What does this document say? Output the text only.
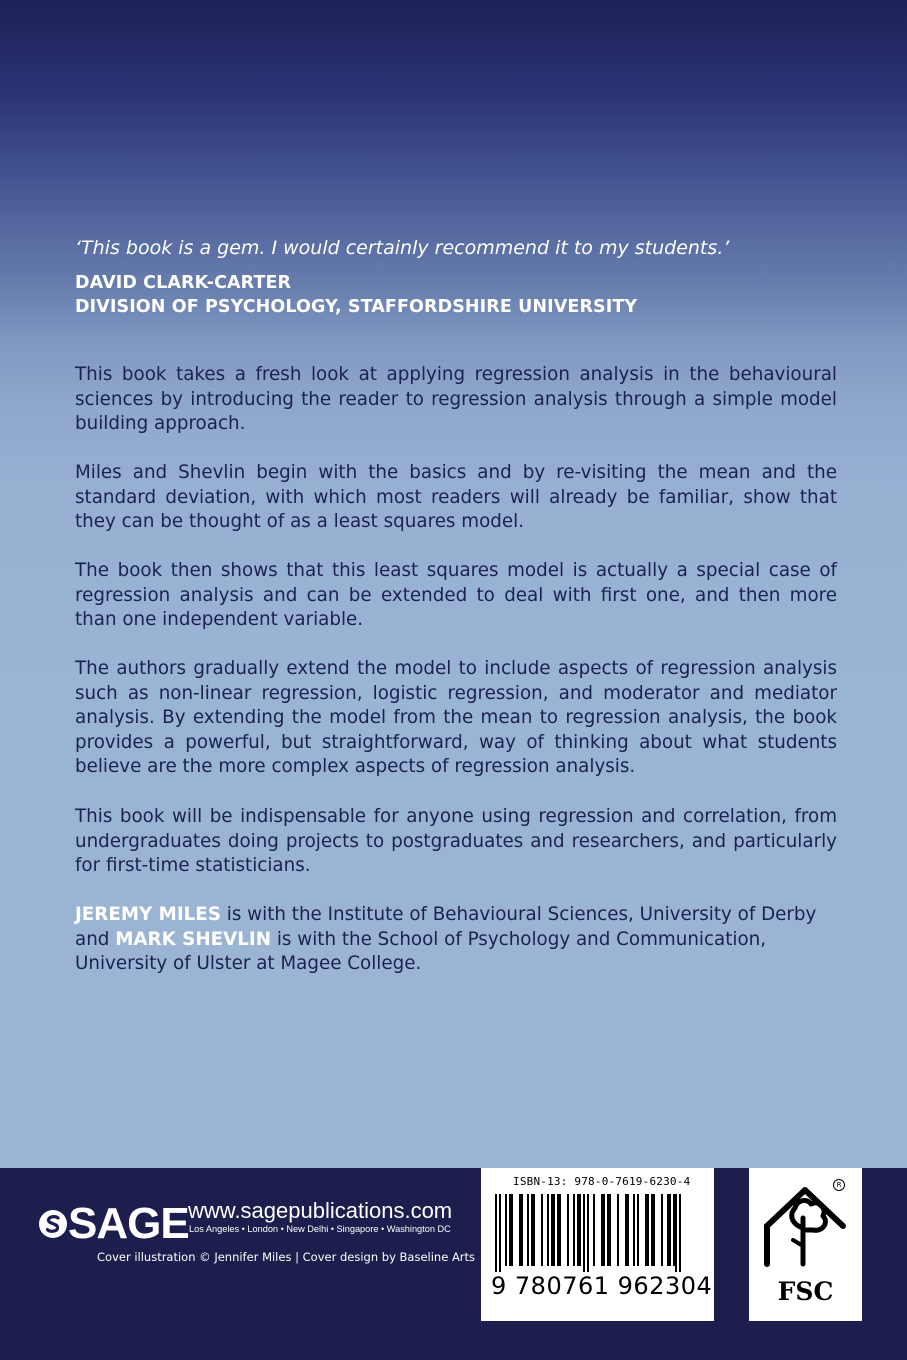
‘This book is a gem. I would certainly recommend it to my students.’
DAVID CLARK-CARTER
DIVISION OF PSYCHOLOGY, STAFFORDSHIRE UNIVERSITY

This book takes a fresh look at applying regression analysis in the behavioural sciences by introducing the reader to regression analysis through a simple model building approach.

Miles and Shevlin begin with the basics and by re-visiting the mean and the standard deviation, with which most readers will already be familiar, show that they can be thought of as a least squares model.

The book then shows that this least squares model is actually a special case of regression analysis and can be extended to deal with first one, and then more than one independent variable.

The authors gradually extend the model to include aspects of regression analysis such as non-linear regression, logistic regression, and moderator and mediator analysis. By extending the model from the mean to regression analysis, the book provides a powerful, but straightforward, way of thinking about what students believe are the more complex aspects of regression analysis.

This book will be indispensable for anyone using regression and correlation, from undergraduates doing projects to postgraduates and researchers, and particularly for first-time statisticians.

JEREMY MILES is with the Institute of Behavioural Sciences, University of Derby
and MARK SHEVLIN is with the School of Psychology and Communication,
University of Ulster at Magee College.

SAGE www.sagepublications.com
Los Angeles • London • New Delhi • Singapore • Washington DC
Cover illustration © Jennifer Miles | Cover design by Baseline Arts
ISBN-13: 978-0-7619-6230-4
9 780761 962304
R
FSC
